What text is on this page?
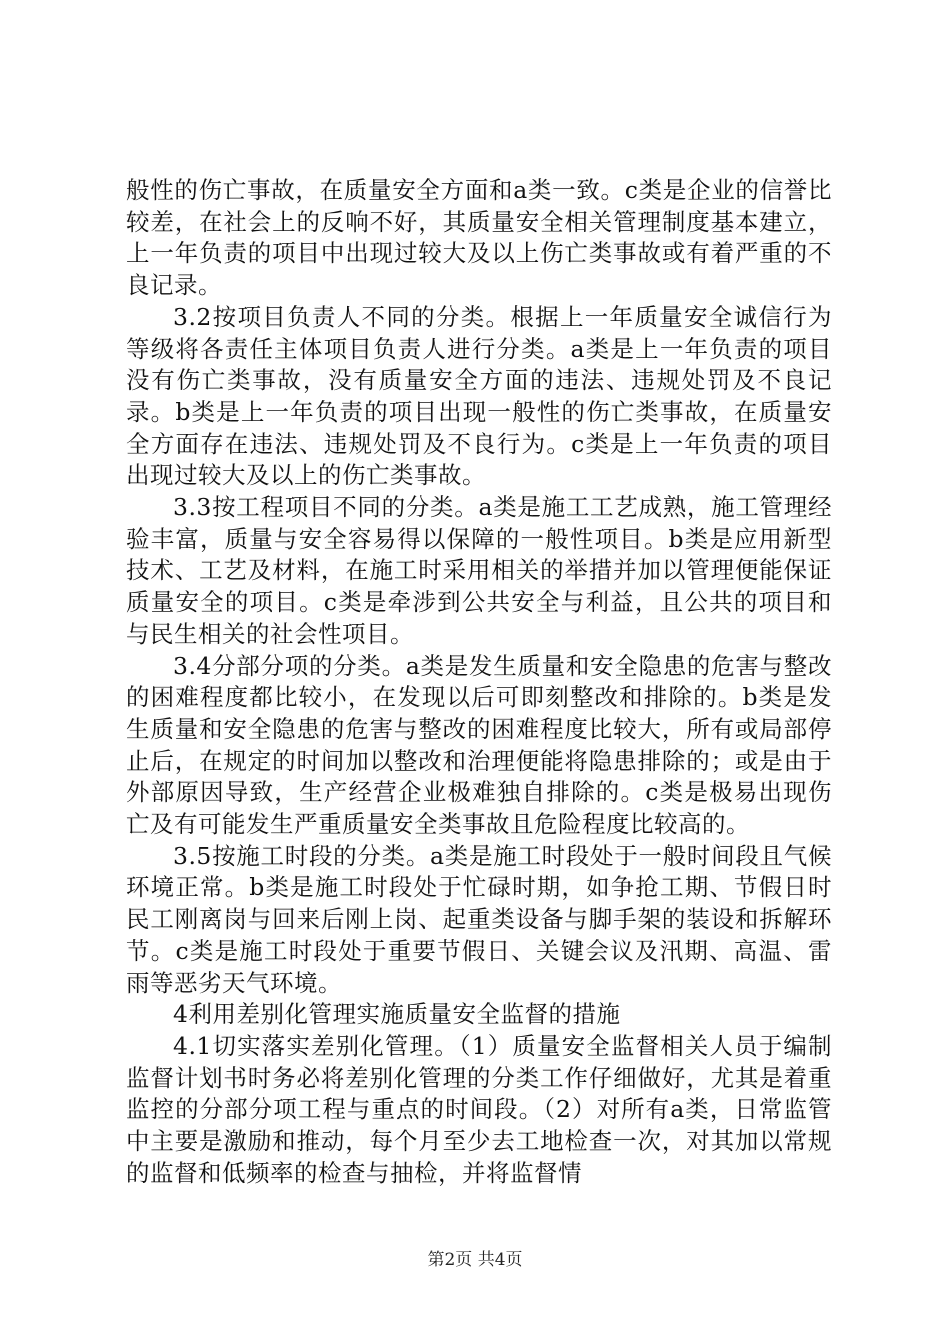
般性的伤亡事故，在质量安全方面和a类一致。c类是企业的信誉比较差，在社会上的反响不好，其质量安全相关管理制度基本建立，上一年负责的项目中出现过较大及以上伤亡类事故或有着严重的不良记录。

3.2按项目负责人不同的分类。根据上一年质量安全诚信行为等级将各责任主体项目负责人进行分类。a类是上一年负责的项目没有伤亡类事故，没有质量安全方面的违法、违规处罚及不良记录。b类是上一年负责的项目出现一般性的伤亡类事故，在质量安全方面存在违法、违规处罚及不良行为。c类是上一年负责的项目出现过较大及以上的伤亡类事故。

3.3按工程项目不同的分类。a类是施工工艺成熟，施工管理经验丰富，质量与安全容易得以保障的一般性项目。b类是应用新型技术、工艺及材料，在施工时采用相关的举措并加以管理便能保证质量安全的项目。c类是牵涉到公共安全与利益，且公共的项目和与民生相关的社会性项目。

3.4分部分项的分类。a类是发生质量和安全隐患的危害与整改的困难程度都比较小，在发现以后可即刻整改和排除的。b类是发生质量和安全隐患的危害与整改的困难程度比较大，所有或局部停止后，在规定的时间加以整改和治理便能将隐患排除的；或是由于外部原因导致，生产经营企业极难独自排除的。c类是极易出现伤亡及有可能发生严重质量安全类事故且危险程度比较高的。

3.5按施工时段的分类。a类是施工时段处于一般时间段且气候环境正常。b类是施工时段处于忙碌时期，如争抢工期、节假日时民工刚离岗与回来后刚上岗、起重类设备与脚手架的装设和拆解环节。c类是施工时段处于重要节假日、关键会议及汛期、高温、雷雨等恶劣天气环境。

4利用差别化管理实施质量安全监督的措施

4.1切实落实差别化管理。（1）质量安全监督相关人员于编制监督计划书时务必将差别化管理的分类工作仔细做好，尤其是着重监控的分部分项工程与重点的时间段。（2）对所有a类，日常监管中主要是激励和推动，每个月至少去工地检查一次，对其加以常规的监督和低频率的检查与抽检，并将监督情

第2页 共4页
